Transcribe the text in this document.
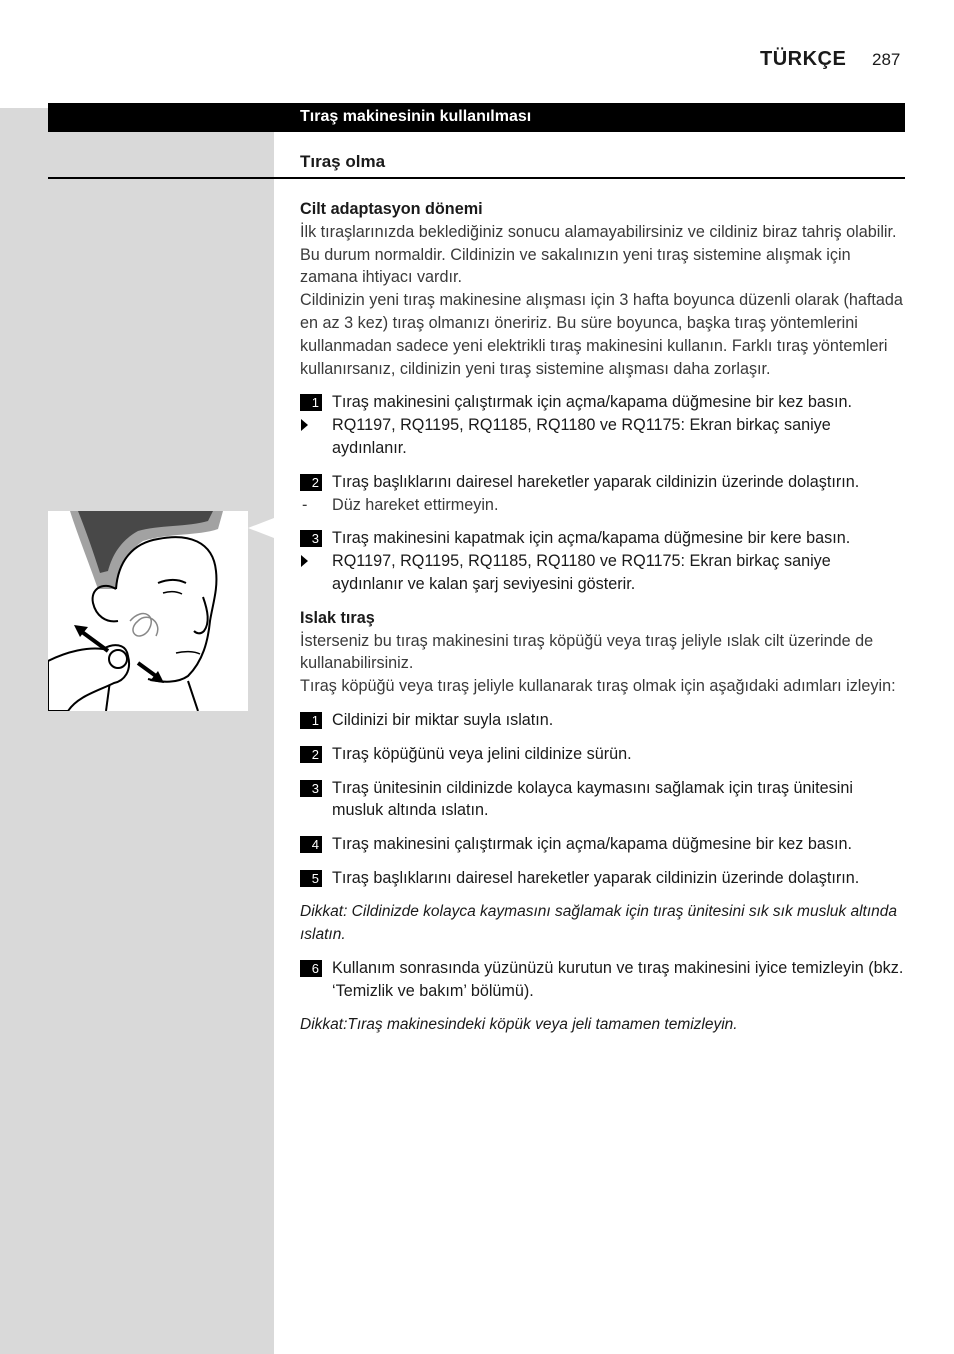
TÜRKÇE 287
Tıraş makinesinin kullanılması
Tıraş olma

Cilt adaptasyon dönemi

İlk tıraşlarınızda beklediğiniz sonucu alamayabilirsiniz ve cildiniz biraz tahriş olabilir. Bu durum normaldir. Cildinizin ve sakalınızın yeni tıraş sistemine alışmak için zamana ihtiyacı vardır.

Cildinizin yeni tıraş makinesine alışması için 3 hafta boyunca düzenli olarak (haftada en az 3 kez) tıraş olmanızı öneririz. Bu süre boyunca, başka tıraş yöntemlerini kullanmadan sadece yeni elektrikli tıraş makinesini kullanın. Farklı tıraş yöntemleri kullanırsanız, cildinizin yeni tıraş sistemine alışması daha zorlaşır.

1 Tıraş makinesini çalıştırmak için açma/kapama düğmesine bir kez basın.
RQ1197, RQ1195, RQ1185, RQ1180 ve RQ1175: Ekran birkaç saniye aydınlanır.
2 Tıraş başlıklarını dairesel hareketler yaparak cildinizin üzerinde dolaştırın.
- Düz hareket ettirmeyin.
3 Tıraş makinesini kapatmak için açma/kapama düğmesine bir kere basın.
RQ1197, RQ1195, RQ1185, RQ1180 ve RQ1175: Ekran birkaç saniye aydınlanır ve kalan şarj seviyesini gösterir.

Islak tıraş

İsterseniz bu tıraş makinesini tıraş köpüğü veya tıraş jeliyle ıslak cilt üzerinde de kullanabilirsiniz.

Tıraş köpüğü veya tıraş jeliyle kullanarak tıraş olmak için aşağıdaki adımları izleyin:

1 Cildinizi bir miktar suyla ıslatın.
2 Tıraş köpüğünü veya jelini cildinize sürün.
3 Tıraş ünitesinin cildinizde kolayca kaymasını sağlamak için tıraş ünitesini musluk altında ıslatın.
4 Tıraş makinesini çalıştırmak için açma/kapama düğmesine bir kez basın.
5 Tıraş başlıklarını dairesel hareketler yaparak cildinizin üzerinde dolaştırın.

Dikkat: Cildinizde kolayca kaymasını sağlamak için tıraş ünitesini sık sık musluk altında ıslatın.

6 Kullanım sonrasında yüzünüzü kurutun ve tıraş makinesini iyice temizleyin (bkz. ‘Temizlik ve bakım’ bölümü).

Dikkat:Tıraş makinesindeki köpük veya jeli tamamen temizleyin.
